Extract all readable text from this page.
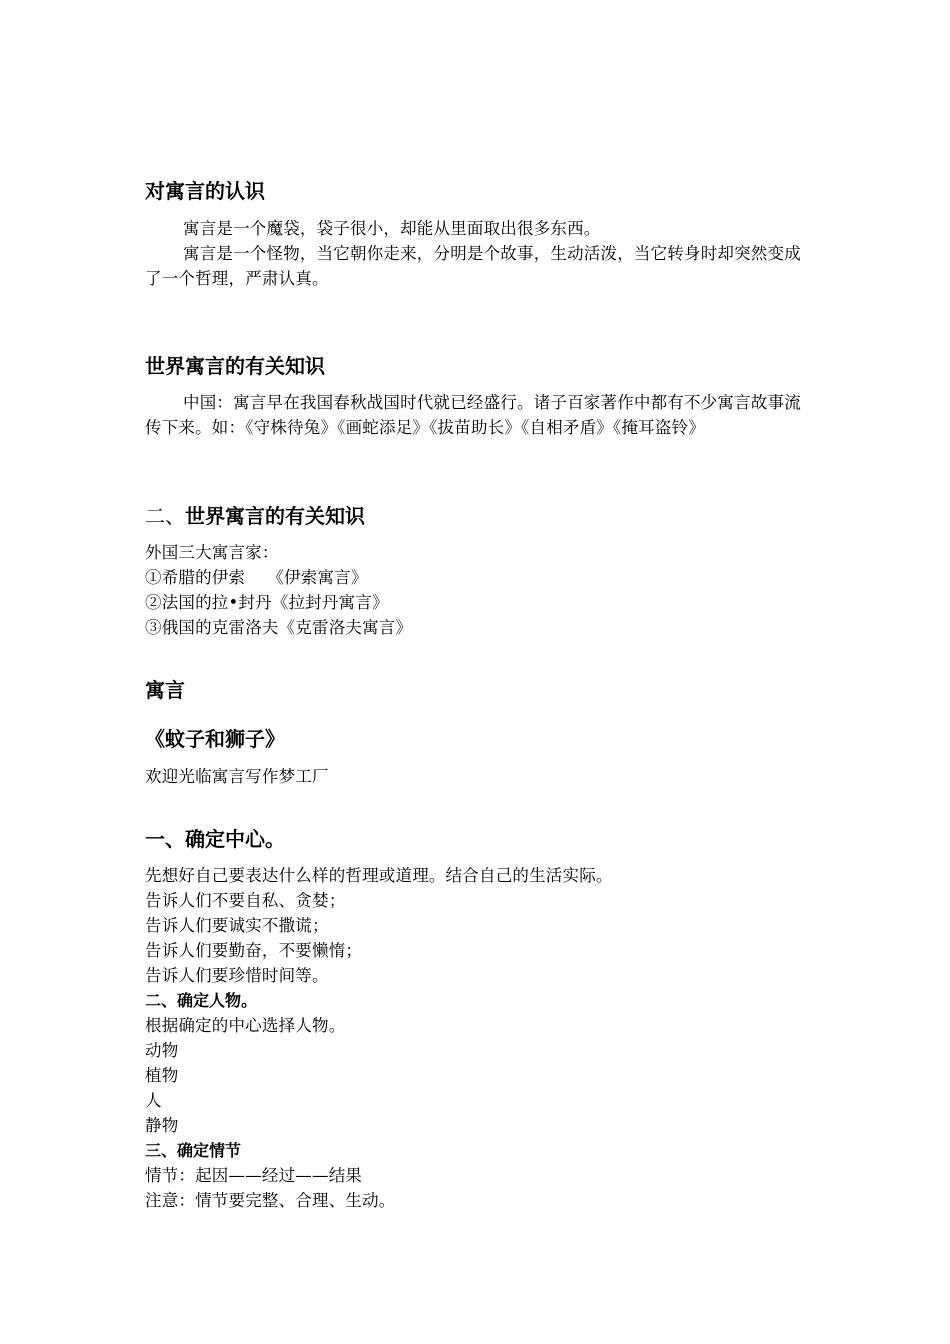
对寓言的认识
寓言是一个魔袋，袋子很小，却能从里面取出很多东西。
寓言是一个怪物，当它朝你走来，分明是个故事，生动活泼，当它转身时却突然变成了一个哲理，严肃认真。
世界寓言的有关知识
中国：寓言早在我国春秋战国时代就已经盛行。诸子百家著作中都有不少寓言故事流传下来。如：《守株待兔》《画蛇添足》《拔苗助长》《自相矛盾》《掩耳盗铃》
二、世界寓言的有关知识
外国三大寓言家：
①希腊的伊索　 《伊索寓言》
②法国的拉•封丹《拉封丹寓言》
③俄国的克雷洛夫《克雷洛夫寓言》
寓言
《蚊子和狮子》
欢迎光临寓言写作梦工厂
一、确定中心。
先想好自己要表达什么样的哲理或道理。结合自己的生活实际。
告诉人们不要自私、贪婪；
告诉人们要诚实不撒谎；
告诉人们要勤奋，不要懒惰；
告诉人们要珍惜时间等。
二、确定人物。
根据确定的中心选择人物。
动物
植物
人
静物
三、确定情节
情节：起因——经过——结果
注意：情节要完整、合理、生动。
